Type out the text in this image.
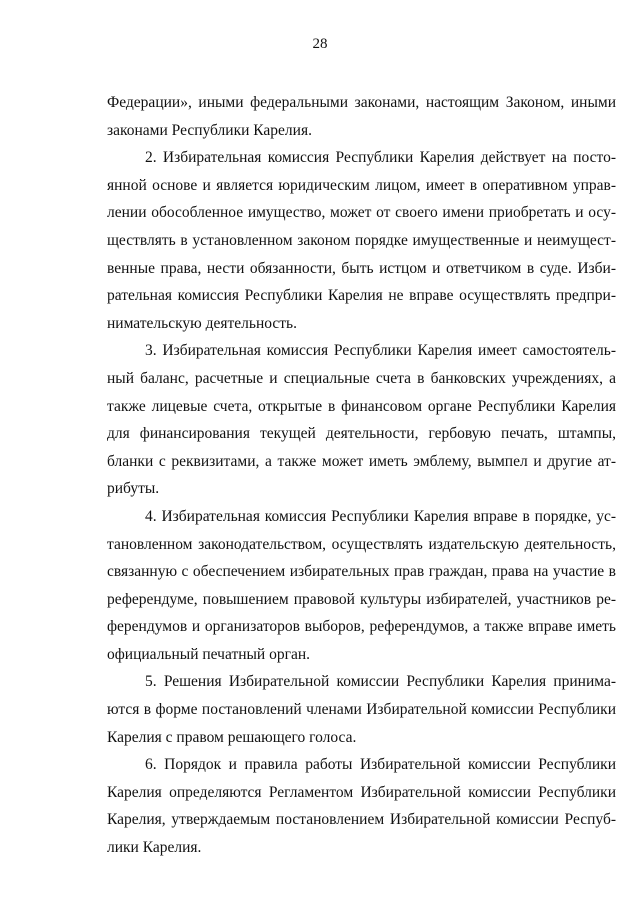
28
Федерации», иными федеральными законами, настоящим Законом, иными
законами Республики Карелия.
2. Избирательная комиссия Республики Карелия действует на посто-
янной основе и является юридическим лицом, имеет в оперативном управ-
лении обособленное имущество, может от своего имени приобретать и осу-
ществлять в установленном законом порядке имущественные и неимущест-
венные права, нести обязанности, быть истцом и ответчиком в суде. Изби-
рательная комиссия Республики Карелия не вправе осуществлять предпри-
нимательскую деятельность.
3. Избирательная комиссия Республики Карелия имеет самостоятель-
ный баланс, расчетные и специальные счета в банковских учреждениях, а
также лицевые счета, открытые в финансовом органе Республики Карелия
для финансирования текущей деятельности, гербовую печать, штампы,
бланки с реквизитами, а также может иметь эмблему, вымпел и другие ат-
рибуты.
4. Избирательная комиссия Республики Карелия вправе в порядке, ус-
тановленном законодательством, осуществлять издательскую деятельность,
связанную с обеспечением избирательных прав граждан, права на участие в
референдуме, повышением правовой культуры избирателей, участников ре-
ферендумов и организаторов выборов, референдумов, а также вправе иметь
официальный печатный орган.
5. Решения Избирательной комиссии Республики Карелия принима-
ются в форме постановлений членами Избирательной комиссии Республики
Карелия с правом решающего голоса.
6. Порядок и правила работы Избирательной комиссии Республики
Карелия определяются Регламентом Избирательной комиссии Республики
Карелия, утверждаемым постановлением Избирательной комиссии Респуб-
лики Карелия.
